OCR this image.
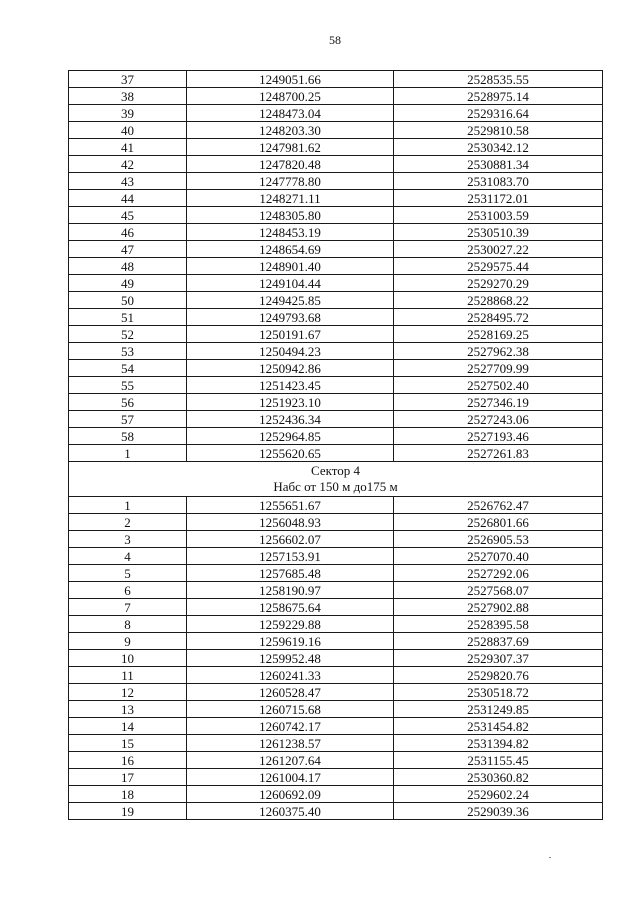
58
37	1249051.66	2528535.55
38	1248700.25	2528975.14
39	1248473.04	2529316.64
40	1248203.30	2529810.58
41	1247981.62	2530342.12
42	1247820.48	2530881.34
43	1247778.80	2531083.70
44	1248271.11	2531172.01
45	1248305.80	2531003.59
46	1248453.19	2530510.39
47	1248654.69	2530027.22
48	1248901.40	2529575.44
49	1249104.44	2529270.29
50	1249425.85	2528868.22
51	1249793.68	2528495.72
52	1250191.67	2528169.25
53	1250494.23	2527962.38
54	1250942.86	2527709.99
55	1251423.45	2527502.40
56	1251923.10	2527346.19
57	1252436.34	2527243.06
58	1252964.85	2527193.46
1	1255620.65	2527261.83

Сектор 4
Набс от 150 м до175 м		

1	1255651.67	2526762.47
2	1256048.93	2526801.66
3	1256602.07	2526905.53
4	1257153.91	2527070.40
5	1257685.48	2527292.06
6	1258190.97	2527568.07
7	1258675.64	2527902.88
8	1259229.88	2528395.58
9	1259619.16	2528837.69
10	1259952.48	2529307.37
11	1260241.33	2529820.76
12	1260528.47	2530518.72
13	1260715.68	2531249.85
14	1260742.17	2531454.82
15	1261238.57	2531394.82
16	1261207.64	2531155.45
17	1261004.17	2530360.82
18	1260692.09	2529602.24
19	1260375.40	2529039.36
